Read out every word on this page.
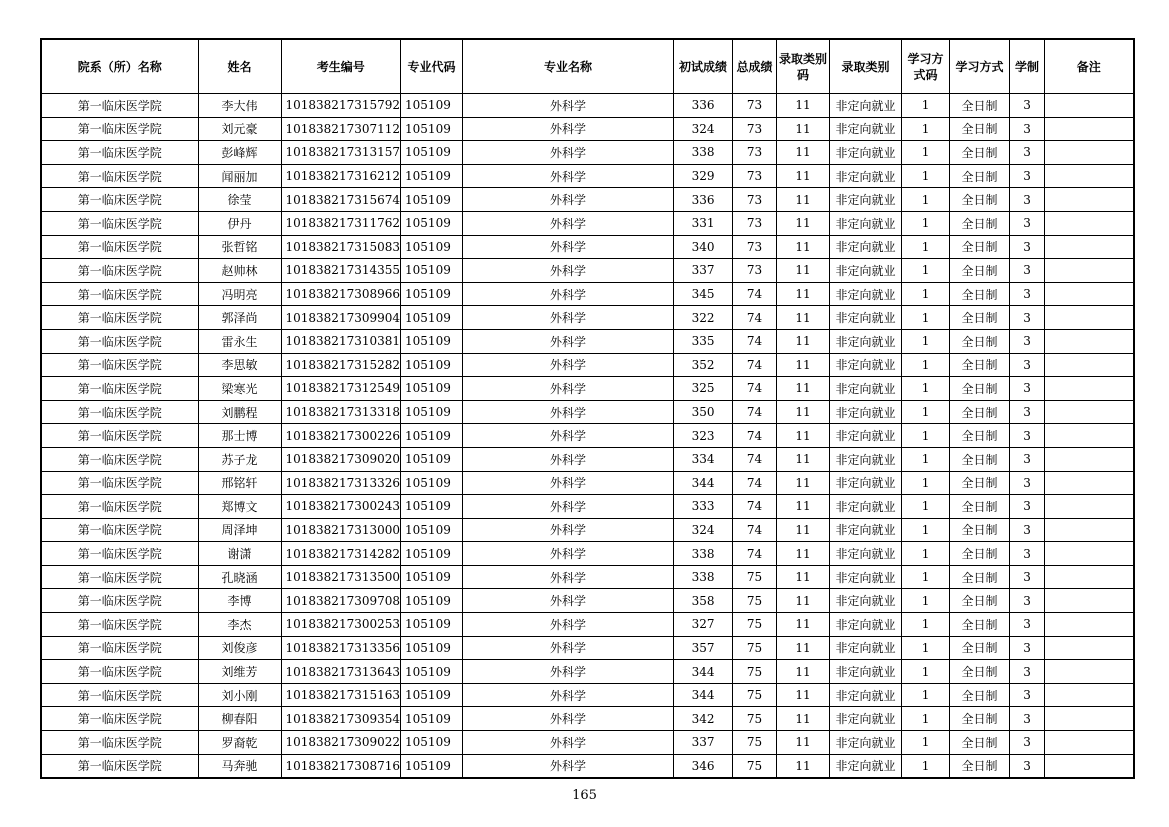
院系（所）名称	姓名	考生编号	专业代码	专业名称	初试成绩	总成绩	录取类别码	录取类别	学习方式码	学习方式	学制	备注
第一临床医学院	李大伟	101838217315792	105109	外科学	336	73	11	非定向就业	1	全日制	3	
第一临床医学院	刘元豪	101838217307112	105109	外科学	324	73	11	非定向就业	1	全日制	3	
第一临床医学院	彭峰辉	101838217313157	105109	外科学	338	73	11	非定向就业	1	全日制	3	
第一临床医学院	闻丽加	101838217316212	105109	外科学	329	73	11	非定向就业	1	全日制	3	
第一临床医学院	徐莹	101838217315674	105109	外科学	336	73	11	非定向就业	1	全日制	3	
第一临床医学院	伊丹	101838217311762	105109	外科学	331	73	11	非定向就业	1	全日制	3	
第一临床医学院	张哲铭	101838217315083	105109	外科学	340	73	11	非定向就业	1	全日制	3	
第一临床医学院	赵帅林	101838217314355	105109	外科学	337	73	11	非定向就业	1	全日制	3	
第一临床医学院	冯明亮	101838217308966	105109	外科学	345	74	11	非定向就业	1	全日制	3	
第一临床医学院	郭泽尚	101838217309904	105109	外科学	322	74	11	非定向就业	1	全日制	3	
第一临床医学院	雷永生	101838217310381	105109	外科学	335	74	11	非定向就业	1	全日制	3	
第一临床医学院	李思敏	101838217315282	105109	外科学	352	74	11	非定向就业	1	全日制	3	
第一临床医学院	梁寒光	101838217312549	105109	外科学	325	74	11	非定向就业	1	全日制	3	
第一临床医学院	刘鹏程	101838217313318	105109	外科学	350	74	11	非定向就业	1	全日制	3	
第一临床医学院	那士博	101838217300226	105109	外科学	323	74	11	非定向就业	1	全日制	3	
第一临床医学院	苏子龙	101838217309020	105109	外科学	334	74	11	非定向就业	1	全日制	3	
第一临床医学院	邢铭轩	101838217313326	105109	外科学	344	74	11	非定向就业	1	全日制	3	
第一临床医学院	郑博文	101838217300243	105109	外科学	333	74	11	非定向就业	1	全日制	3	
第一临床医学院	周泽坤	101838217313000	105109	外科学	324	74	11	非定向就业	1	全日制	3	
第一临床医学院	谢潇	101838217314282	105109	外科学	338	74	11	非定向就业	1	全日制	3	
第一临床医学院	孔晓涵	101838217313500	105109	外科学	338	75	11	非定向就业	1	全日制	3	
第一临床医学院	李博	101838217309708	105109	外科学	358	75	11	非定向就业	1	全日制	3	
第一临床医学院	李杰	101838217300253	105109	外科学	327	75	11	非定向就业	1	全日制	3	
第一临床医学院	刘俊彦	101838217313356	105109	外科学	357	75	11	非定向就业	1	全日制	3	
第一临床医学院	刘维芳	101838217313643	105109	外科学	344	75	11	非定向就业	1	全日制	3	
第一临床医学院	刘小刚	101838217315163	105109	外科学	344	75	11	非定向就业	1	全日制	3	
第一临床医学院	柳春阳	101838217309354	105109	外科学	342	75	11	非定向就业	1	全日制	3	
第一临床医学院	罗裔乾	101838217309022	105109	外科学	337	75	11	非定向就业	1	全日制	3	
第一临床医学院	马奔驰	101838217308716	105109	外科学	346	75	11	非定向就业	1	全日制	3	
165
